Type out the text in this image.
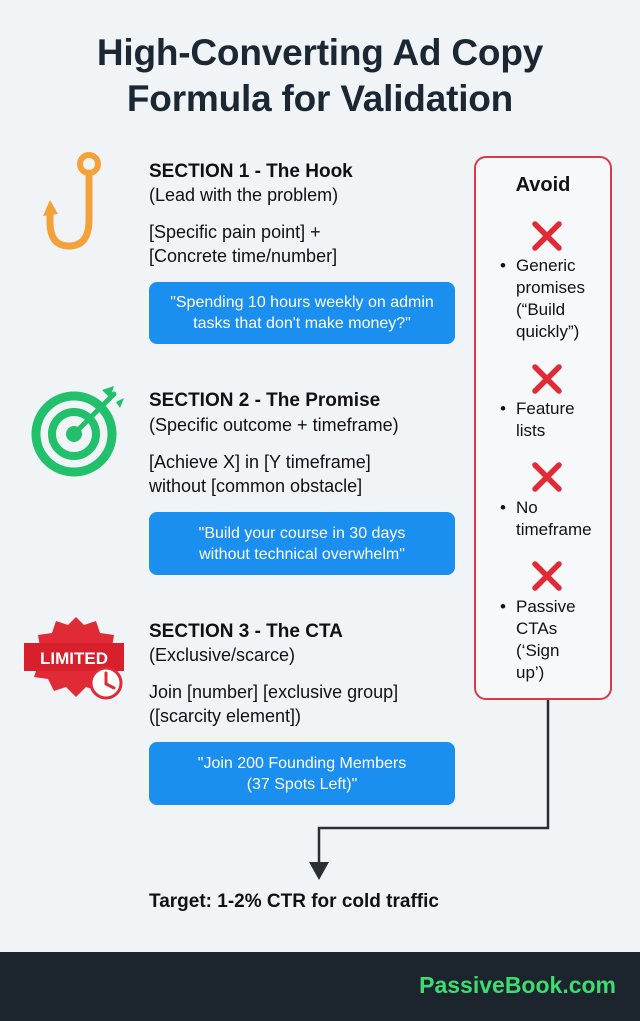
High-Converting Ad Copy
Formula for Validation
LIMITED
SECTION 1 - The Hook
(Lead with the problem)
[Specific pain point] +
[Concrete time/number]
"Spending 10 hours weekly on admin
tasks that don't make money?"
SECTION 2 - The Promise
(Specific outcome + timeframe)
[Achieve X] in [Y timeframe]
without [common obstacle]
"Build your course in 30 days
without technical overwhelm"
SECTION 3 - The CTA
(Exclusive/scarce)
Join [number] [exclusive group]
([scarcity element])
"Join 200 Founding Members
(37 Spots Left)"
Avoid
• Generic
promises
(“Build
quickly”)
• Feature
lists
• No
timeframe
• Passive
CTAs
(‘Sign
up’)
Target: 1-2% CTR for cold traffic
PassiveBook.com
